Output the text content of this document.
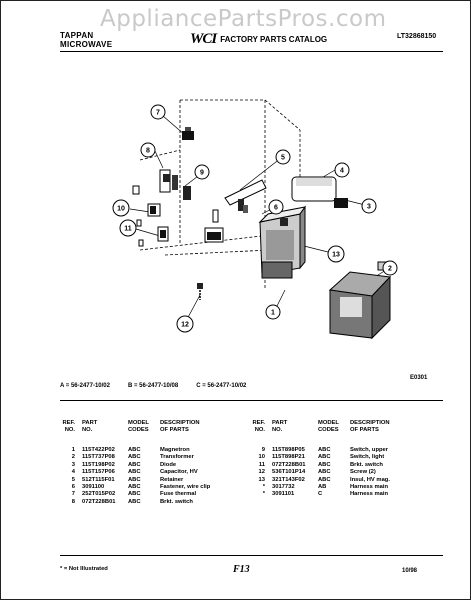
AppliancePartsPros.com
TAPPAN
MICROWAVE	WCI FACTORY PARTS CATALOG	LT32868150
7
8
9
5
4
3
6
10
11
13
2
1
12
E0301
A = 56-2477-10/02	B = 56-2477-10/08	C = 56-2477-10/02
REF.	PART	MODEL	DESCRIPTION
NO.	NO.	CODES	OF PARTS
1	115T422P02	ABC	Magnetron
2	115T737P08	ABC	Transformer
3	115T198P02	ABC	Diode
4	115T157P06	ABC	Capacitor, HV
5	512T115F01	ABC	Retainer
6	3091100	ABC	Fastener, wire clip
7	252T015P02	ABC	Fuse thermal
8	072T228B01	ABC	Brkt. switch
REF.	PART	MODEL	DESCRIPTION
NO.	NO.	CODES	OF PARTS
9	115T898P05	ABC	Switch, upper
10	115T898P21	ABC	Switch, light
11	072T228B01	ABC	Brkt. switch
12	536T101P14	ABC	Screw (2)
13	321T143F02	ABC	Insul, HV mag.
*	3017732	AB	Harness main
*	3091101	C	Harness main
* = Not Illustrated	F13	10/98
